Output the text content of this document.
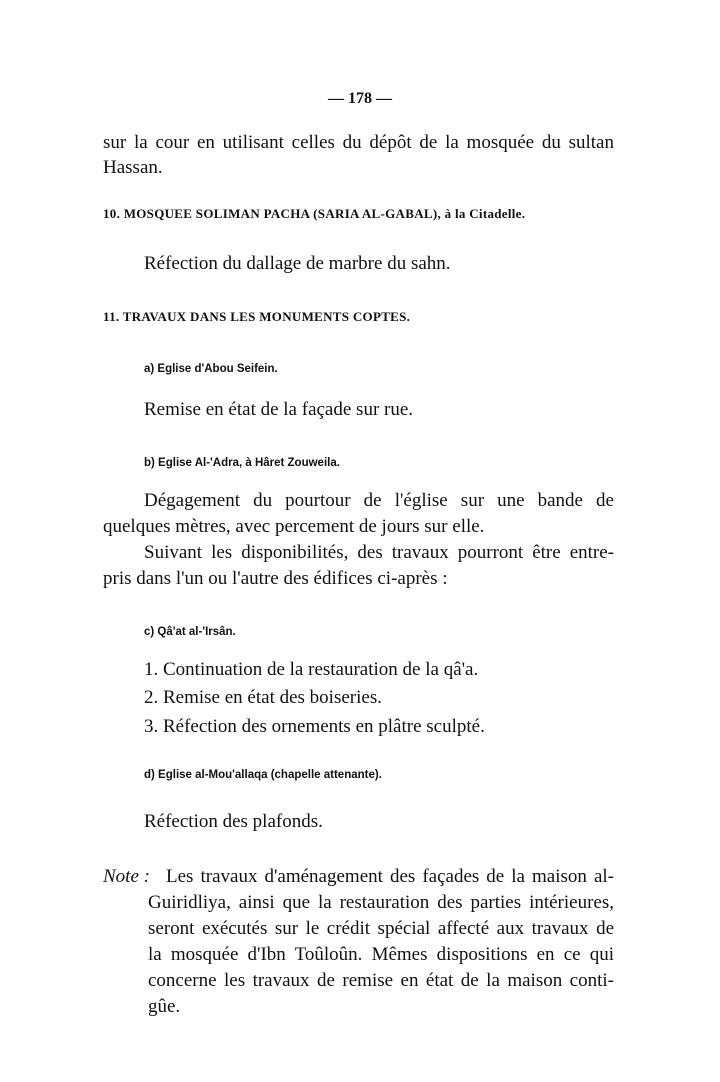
— 178 —
sur la cour en utilisant celles du dépôt de la mosquée du sultan
Hassan.
10. MOSQUEE SOLIMAN PACHA (SARIA AL-GABAL), à la Citadelle.
Réfection du dallage de marbre du sahn.
11. TRAVAUX DANS LES MONUMENTS COPTES.
a) Eglise d'Abou Seifein.
Remise en état de la façade sur rue.
b) Eglise Al-'Adra, à Hâret Zouweila.
Dégagement du pourtour de l'église sur une bande de
quelques mètres, avec percement de jours sur elle.
Suivant les disponibilités, des travaux pourront être entre-
pris dans l'un ou l'autre des édifices ci-après :
c) Qâ'at al-'Irsân.
1. Continuation de la restauration de la qâ'a.
2. Remise en état des boiseries.
3. Réfection des ornements en plâtre sculpté.
d) Eglise al-Mou'allaqa (chapelle attenante).
Réfection des plafonds.
Note : Les travaux d'aménagement des façades de la maison al-
Guiridliya, ainsi que la restauration des parties intérieures,
seront exécutés sur le crédit spécial affecté aux travaux de
la mosquée d'Ibn Toûloûn. Mêmes dispositions en ce qui
concerne les travaux de remise en état de la maison conti-
gûe.
